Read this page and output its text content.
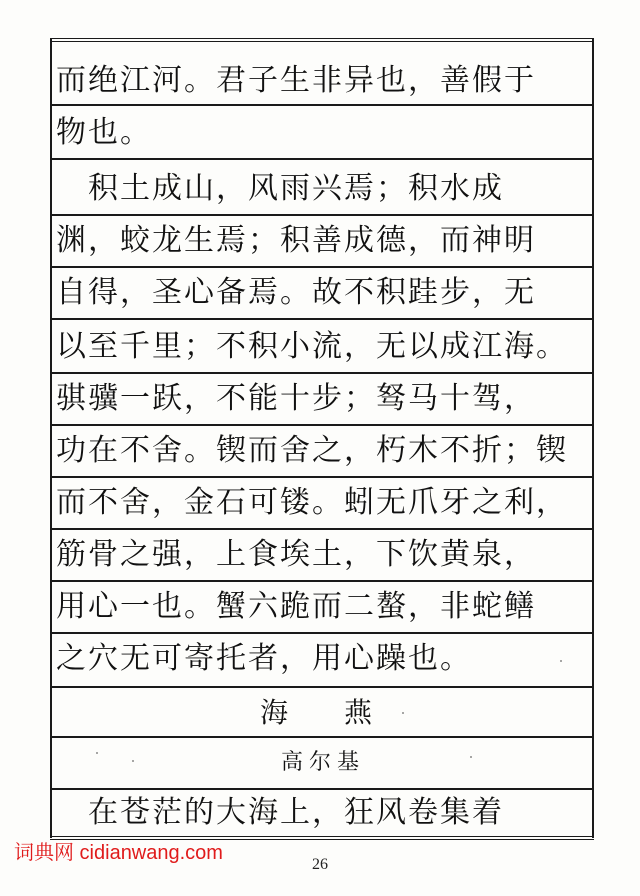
而绝江河。君子生非异也，善假于
物也。
　积土成山，风雨兴焉；积水成
渊，蛟龙生焉；积善成德，而神明
自得，圣心备焉。故不积跬步，无
以至千里；不积小流，无以成江海。
骐骥一跃，不能十步；驽马十驾，
功在不舍。锲而舍之，朽木不折；锲
而不舍，金石可镂。蚓无爪牙之利，
筋骨之强，上食埃土，下饮黄泉，
用心一也。蟹六跪而二螯，非蛇鳝
之穴无可寄托者，用心躁也。
海　燕
高尔基
　在苍茫的大海上，狂风卷集着
词典网 cidianwang.com
26
